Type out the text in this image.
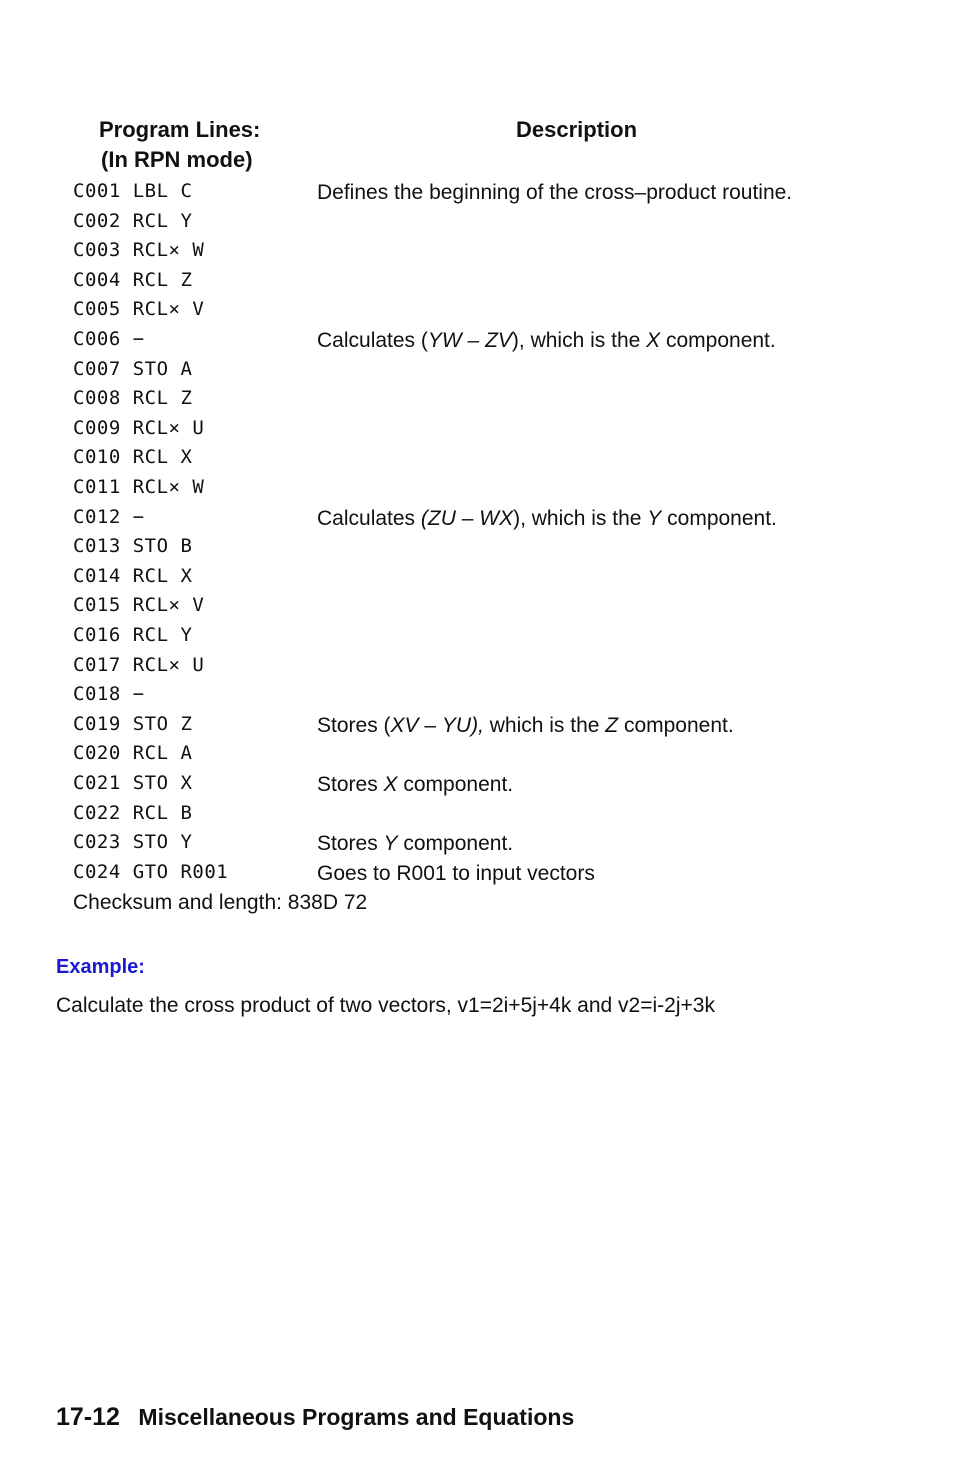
Program Lines:
(In RPN mode)
Description
C001 LBL C
C002 RCL Y
C003 RCL× W
C004 RCL Z
C005 RCL× V
C006 −
C007 STO A
C008 RCL Z
C009 RCL× U
C010 RCL X
C011 RCL× W
C012 −
C013 STO B
C014 RCL X
C015 RCL× V
C016 RCL Y
C017 RCL× U
C018 −
C019 STO Z
C020 RCL A
C021 STO X
C022 RCL B
C023 STO Y
C024 GTO R001
Defines the beginning of the cross–product routine.
Calculates (YW – ZV), which is the X component.
Calculates (ZU – WX), which is the Y component.
Stores (XV – YU), which is the Z component.
Stores X component.
Stores Y component.
Goes to R001 to input vectors
Checksum and length: 838D 72
Example:
Calculate the cross product of two vectors, v1=2i+5j+4k and v2=i-2j+3k
17-12 Miscellaneous Programs and Equations
